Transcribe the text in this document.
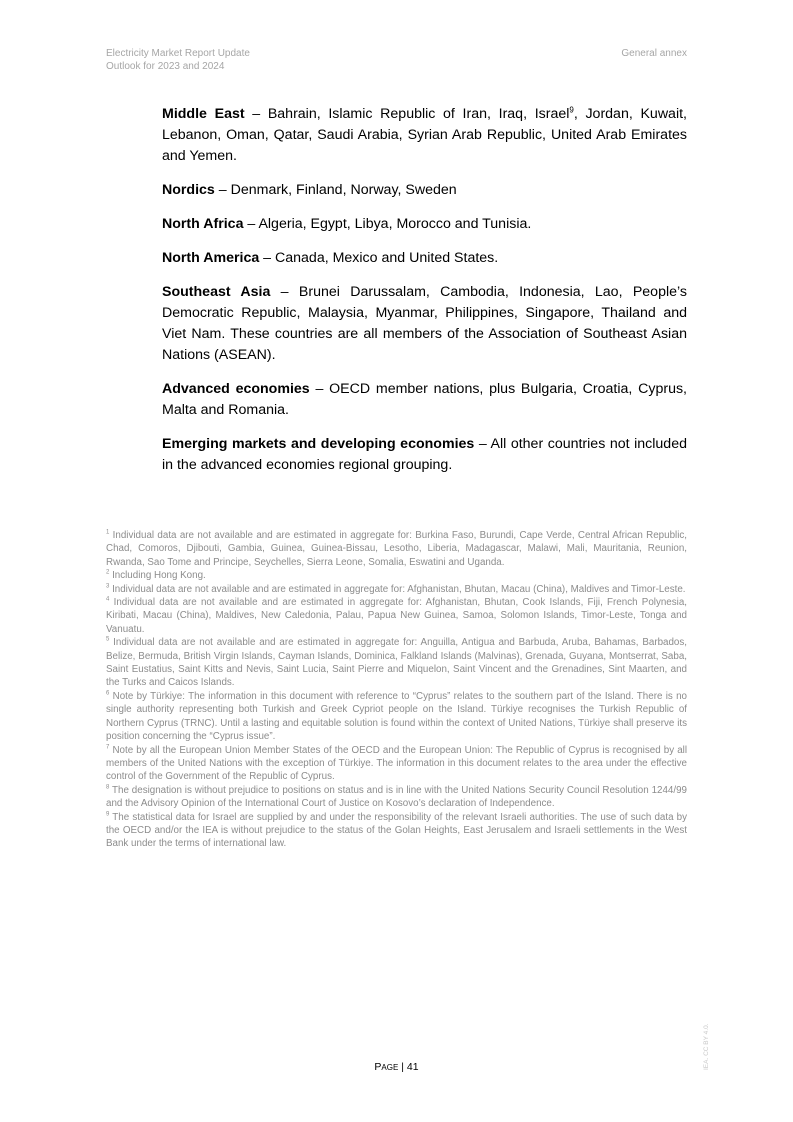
Electricity Market Report Update
Outlook for 2023 and 2024
General annex

Middle East – Bahrain, Islamic Republic of Iran, Iraq, Israel$^9$, Jordan, Kuwait, Lebanon, Oman, Qatar, Saudi Arabia, Syrian Arab Republic, United Arab Emirates and Yemen.

Nordics – Denmark, Finland, Norway, Sweden

North Africa – Algeria, Egypt, Libya, Morocco and Tunisia.

North America – Canada, Mexico and United States.

Southeast Asia – Brunei Darussalam, Cambodia, Indonesia, Lao, People’s Democratic Republic, Malaysia, Myanmar, Philippines, Singapore, Thailand and Viet Nam. These countries are all members of the Association of Southeast Asian Nations (ASEAN).

Advanced economies – OECD member nations, plus Bulgaria, Croatia, Cyprus, Malta and Romania.

Emerging markets and developing economies – All other countries not included in the advanced economies regional grouping.

$^1$ Individual data are not available and are estimated in aggregate for: Burkina Faso, Burundi, Cape Verde, Central African Republic, Chad, Comoros, Djibouti, Gambia, Guinea, Guinea-Bissau, Lesotho, Liberia, Madagascar, Malawi, Mali, Mauritania, Reunion, Rwanda, Sao Tome and Principe, Seychelles, Sierra Leone, Somalia, Eswatini and Uganda.

$^2$ Including Hong Kong.

$^3$ Individual data are not available and are estimated in aggregate for: Afghanistan, Bhutan, Macau (China), Maldives and Timor-Leste.

$^4$ Individual data are not available and are estimated in aggregate for: Afghanistan, Bhutan, Cook Islands, Fiji, French Polynesia, Kiribati, Macau (China), Maldives, New Caledonia, Palau, Papua New Guinea, Samoa, Solomon Islands, Timor-Leste, Tonga and Vanuatu.

$^5$ Individual data are not available and are estimated in aggregate for: Anguilla, Antigua and Barbuda, Aruba, Bahamas, Barbados, Belize, Bermuda, British Virgin Islands, Cayman Islands, Dominica, Falkland Islands (Malvinas), Grenada, Guyana, Montserrat, Saba, Saint Eustatius, Saint Kitts and Nevis, Saint Lucia, Saint Pierre and Miquelon, Saint Vincent and the Grenadines, Sint Maarten, and the Turks and Caicos Islands.

$^6$ Note by Türkiye: The information in this document with reference to “Cyprus” relates to the southern part of the Island. There is no single authority representing both Turkish and Greek Cypriot people on the Island. Türkiye recognises the Turkish Republic of Northern Cyprus (TRNC). Until a lasting and equitable solution is found within the context of United Nations, Türkiye shall preserve its position concerning the “Cyprus issue”.

$^7$ Note by all the European Union Member States of the OECD and the European Union: The Republic of Cyprus is recognised by all members of the United Nations with the exception of Türkiye. The information in this document relates to the area under the effective control of the Government of the Republic of Cyprus.

$^8$ The designation is without prejudice to positions on status and is in line with the United Nations Security Council Resolution 1244/99 and the Advisory Opinion of the International Court of Justice on Kosovo’s declaration of Independence.

$^9$ The statistical data for Israel are supplied by and under the responsibility of the relevant Israeli authorities. The use of such data by the OECD and/or the IEA is without prejudice to the status of the Golan Heights, East Jerusalem and Israeli settlements in the West Bank under the terms of international law.

PAGE | 41	IEA. CC BY 4.0.
